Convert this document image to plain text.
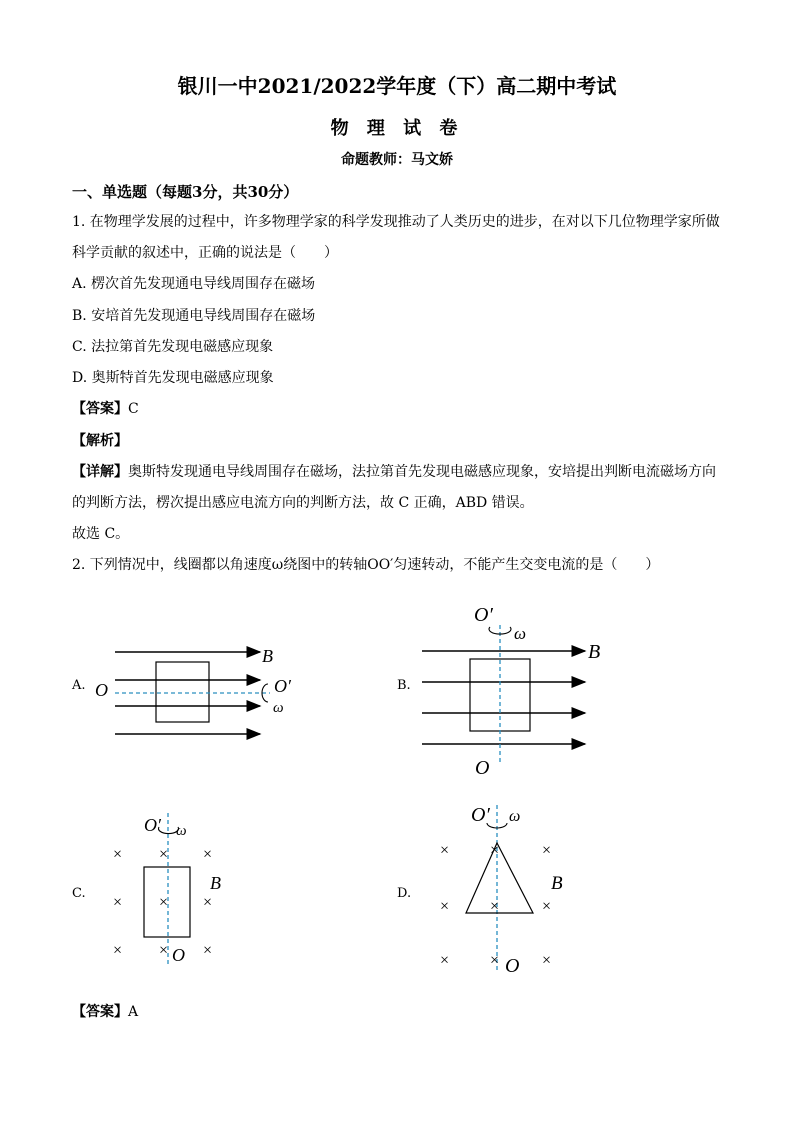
银川一中2021/2022学年度（下）高二期中考试
物 理 试 卷
命题教师：马文娇
一、单选题（每题3分，共30分）
1. 在物理学发展的过程中，许多物理学家的科学发现推动了人类历史的进步，在对以下几位物理学家所做
科学贡献的叙述中，正确的说法是（　　）
A. 楞次首先发现通电导线周围存在磁场
B. 安培首先发现通电导线周围存在磁场
C. 法拉第首先发现电磁感应现象
D. 奥斯特首先发现电磁感应现象
【答案】C
【解析】
【详解】奥斯特发现通电导线周围存在磁场，法拉第首先发现电磁感应现象，安培提出判断电流磁场方向
的判断方法，楞次提出感应电流方向的判断方法，故 C 正确，ABD 错误。
故选 C。
2. 下列情况中，线圈都以角速度ω绕图中的转轴OO′匀速转动，不能产生交变电流的是（　　）
A.	B.
C.	D.
B
O	O′
ω
B
O′
ω
O
× × ×
× × ×
× × ×
O′ ω
B
O
× ×	×
× ×	×
× ×	×
O′ ω
B
O
【答案】A
